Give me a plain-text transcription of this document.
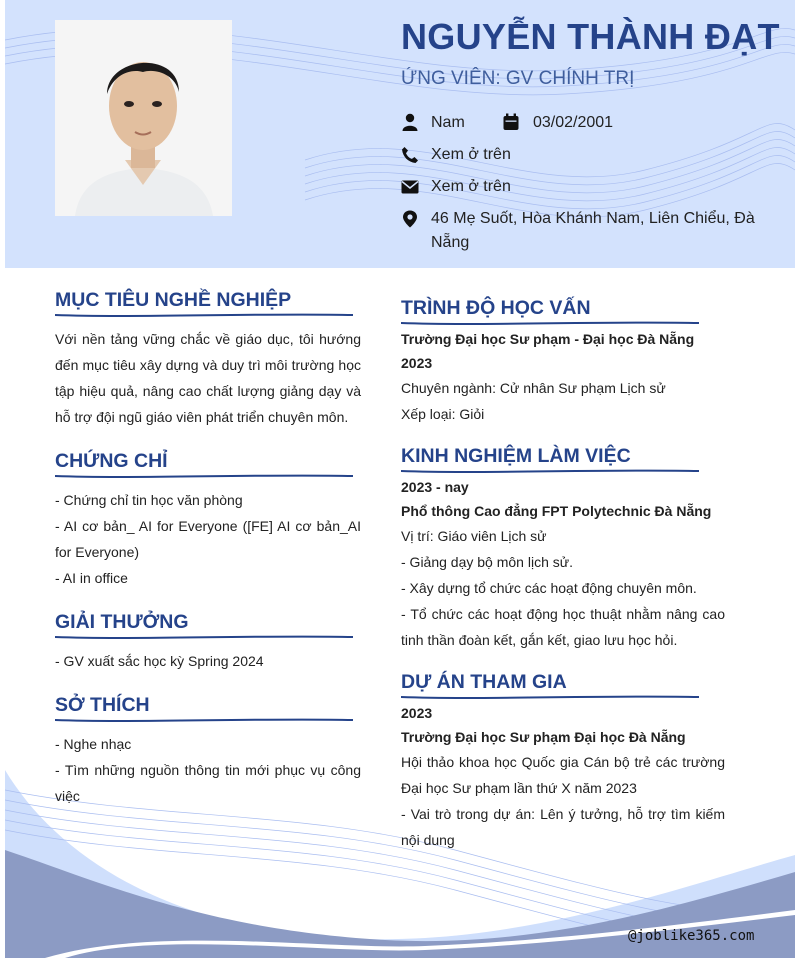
NGUYỄN THÀNH ĐẠT
ỨNG VIÊN: GV CHÍNH TRỊ
Nam	03/02/2001
Xem ở trên
Xem ở trên
46 Mẹ Suốt, Hòa Khánh Nam, Liên Chiểu, Đà Nẵng
MỤC TIÊU NGHỀ NGHIỆP
Với nền tảng vững chắc về giáo dục, tôi hướng đến mục tiêu xây dựng và duy trì môi trường học tập hiệu quả, nâng cao chất lượng giảng dạy và hỗ trợ đội ngũ giáo viên phát triển chuyên môn.
CHỨNG CHỈ

- Chứng chỉ tin học văn phòng

- AI cơ bản_ AI for Everyone ([FE] AI cơ bản_AI for Everyone)

- AI in office

GIẢI THƯỞNG

- GV xuất sắc học kỳ Spring 2024

SỞ THÍCH

- Nghe nhạc

- Tìm những nguồn thông tin mới phục vụ công việc

TRÌNH ĐỘ HỌC VẤN

Trường Đại học Sư phạm - Đại học Đà Nẵng

2023

Chuyên ngành: Cử nhân Sư phạm Lịch sử

Xếp loại: Giỏi

KINH NGHIỆM LÀM VIỆC

2023 - nay

Phổ thông Cao đẳng FPT Polytechnic Đà Nẵng

Vị trí: Giáo viên Lịch sử

- Giảng dạy bộ môn lịch sử.

- Xây dựng tổ chức các hoạt động chuyên môn.

- Tổ chức các hoạt động học thuật nhằm nâng cao tinh thần đoàn kết, gắn kết, giao lưu học hỏi.

DỰ ÁN THAM GIA

2023

Trường Đại học Sư phạm Đại học Đà Nẵng

Hội thảo khoa học Quốc gia Cán bộ trẻ các trường Đại học Sư phạm lần thứ X năm 2023

- Vai trò trong dự án: Lên ý tưởng, hỗ trợ tìm kiếm nội dung

@joblike365.com
